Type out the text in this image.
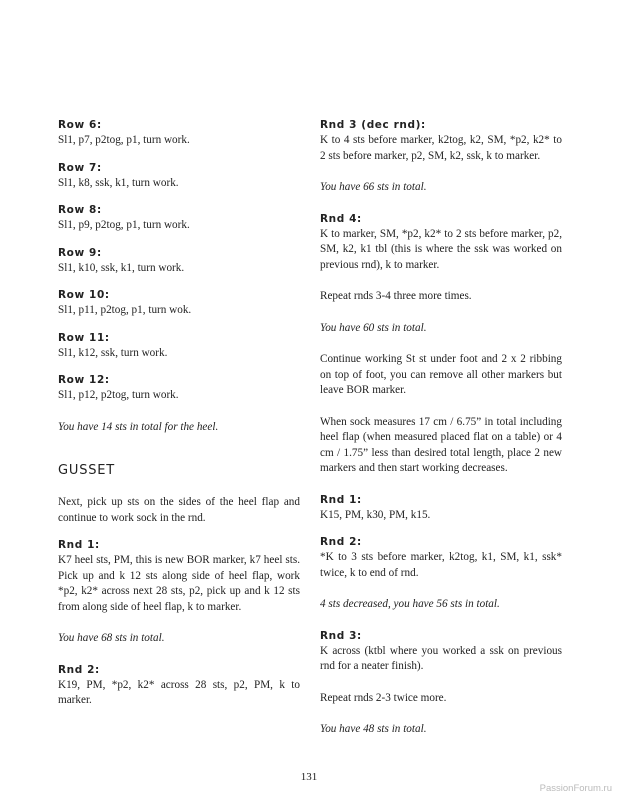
Row 6:
Sl1, p7, p2tog, p1, turn work.
Row 7:
Sl1, k8, ssk, k1, turn work.
Row 8:
Sl1, p9, p2tog, p1, turn work.
Row 9:
Sl1, k10, ssk, k1, turn work.
Row 10:
Sl1, p11, p2tog, p1, turn wok.
Row 11:
Sl1, k12, ssk, turn work.
Row 12:
Sl1, p12, p2tog, turn work.
You have 14 sts in total for the heel.
GUSSET
Next, pick up sts on the sides of the heel flap and continue to work sock in the rnd.
Rnd 1:
K7 heel sts, PM, this is new BOR marker, k7 heel sts. Pick up and k 12 sts along side of heel flap, work *p2, k2* across next 28 sts, p2, pick up and k 12 sts from along side of heel flap, k to marker.
You have 68 sts in total.
Rnd 2:
K19, PM, *p2, k2* across 28 sts, p2, PM, k to marker.
Rnd 3 (dec rnd):
K to 4 sts before marker, k2tog, k2, SM, *p2, k2* to 2 sts before marker, p2, SM, k2, ssk, k to marker.
You have 66 sts in total.
Rnd 4:
K to marker, SM, *p2, k2* to 2 sts before marker, p2, SM, k2, k1 tbl (this is where the ssk was worked on previous rnd), k to marker.
Repeat rnds 3-4 three more times.
You have 60 sts in total.
Continue working St st under foot and 2 x 2 ribbing on top of foot, you can remove all other markers but leave BOR marker.
When sock measures 17 cm / 6.75” in total including heel flap (when measured placed flat on a table) or 4 cm / 1.75” less than desired total length, place 2 new markers and then start working decreases.
Rnd 1:
K15, PM, k30, PM, k15.
Rnd 2:
*K to 3 sts before marker, k2tog, k1, SM, k1, ssk* twice, k to end of rnd.
4 sts decreased, you have 56 sts in total.
Rnd 3:
K across (ktbl where you worked a ssk on previous rnd for a neater finish).
Repeat rnds 2-3 twice more.
You have 48 sts in total.
131
PassionForum.ru
